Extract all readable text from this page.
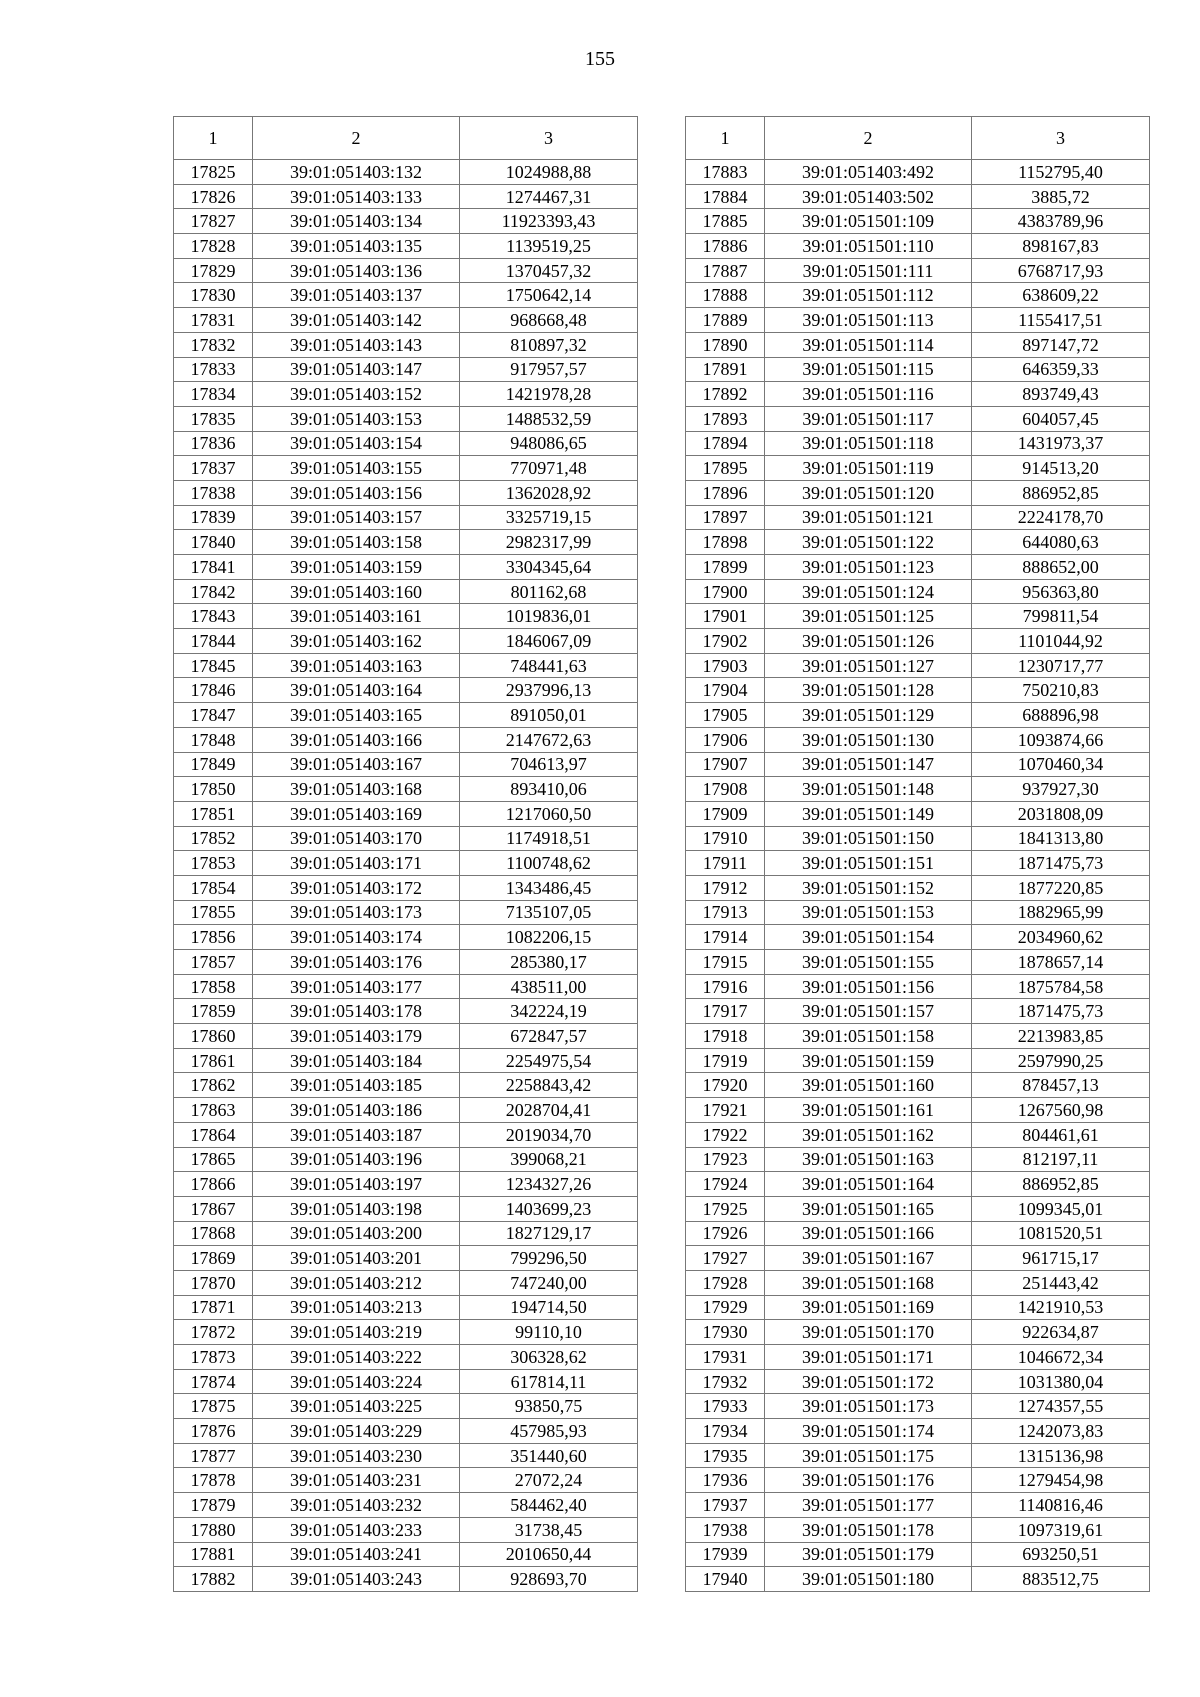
155
1	2	3
17825	39:01:051403:132	1024988,88
17826	39:01:051403:133	1274467,31
17827	39:01:051403:134	11923393,43
17828	39:01:051403:135	1139519,25
17829	39:01:051403:136	1370457,32
17830	39:01:051403:137	1750642,14
17831	39:01:051403:142	968668,48
17832	39:01:051403:143	810897,32
17833	39:01:051403:147	917957,57
17834	39:01:051403:152	1421978,28
17835	39:01:051403:153	1488532,59
17836	39:01:051403:154	948086,65
17837	39:01:051403:155	770971,48
17838	39:01:051403:156	1362028,92
17839	39:01:051403:157	3325719,15
17840	39:01:051403:158	2982317,99
17841	39:01:051403:159	3304345,64
17842	39:01:051403:160	801162,68
17843	39:01:051403:161	1019836,01
17844	39:01:051403:162	1846067,09
17845	39:01:051403:163	748441,63
17846	39:01:051403:164	2937996,13
17847	39:01:051403:165	891050,01
17848	39:01:051403:166	2147672,63
17849	39:01:051403:167	704613,97
17850	39:01:051403:168	893410,06
17851	39:01:051403:169	1217060,50
17852	39:01:051403:170	1174918,51
17853	39:01:051403:171	1100748,62
17854	39:01:051403:172	1343486,45
17855	39:01:051403:173	7135107,05
17856	39:01:051403:174	1082206,15
17857	39:01:051403:176	285380,17
17858	39:01:051403:177	438511,00
17859	39:01:051403:178	342224,19
17860	39:01:051403:179	672847,57
17861	39:01:051403:184	2254975,54
17862	39:01:051403:185	2258843,42
17863	39:01:051403:186	2028704,41
17864	39:01:051403:187	2019034,70
17865	39:01:051403:196	399068,21
17866	39:01:051403:197	1234327,26
17867	39:01:051403:198	1403699,23
17868	39:01:051403:200	1827129,17
17869	39:01:051403:201	799296,50
17870	39:01:051403:212	747240,00
17871	39:01:051403:213	194714,50
17872	39:01:051403:219	99110,10
17873	39:01:051403:222	306328,62
17874	39:01:051403:224	617814,11
17875	39:01:051403:225	93850,75
17876	39:01:051403:229	457985,93
17877	39:01:051403:230	351440,60
17878	39:01:051403:231	27072,24
17879	39:01:051403:232	584462,40
17880	39:01:051403:233	31738,45
17881	39:01:051403:241	2010650,44
17882	39:01:051403:243	928693,70
1	2	3
17883	39:01:051403:492	1152795,40
17884	39:01:051403:502	3885,72
17885	39:01:051501:109	4383789,96
17886	39:01:051501:110	898167,83
17887	39:01:051501:111	6768717,93
17888	39:01:051501:112	638609,22
17889	39:01:051501:113	1155417,51
17890	39:01:051501:114	897147,72
17891	39:01:051501:115	646359,33
17892	39:01:051501:116	893749,43
17893	39:01:051501:117	604057,45
17894	39:01:051501:118	1431973,37
17895	39:01:051501:119	914513,20
17896	39:01:051501:120	886952,85
17897	39:01:051501:121	2224178,70
17898	39:01:051501:122	644080,63
17899	39:01:051501:123	888652,00
17900	39:01:051501:124	956363,80
17901	39:01:051501:125	799811,54
17902	39:01:051501:126	1101044,92
17903	39:01:051501:127	1230717,77
17904	39:01:051501:128	750210,83
17905	39:01:051501:129	688896,98
17906	39:01:051501:130	1093874,66
17907	39:01:051501:147	1070460,34
17908	39:01:051501:148	937927,30
17909	39:01:051501:149	2031808,09
17910	39:01:051501:150	1841313,80
17911	39:01:051501:151	1871475,73
17912	39:01:051501:152	1877220,85
17913	39:01:051501:153	1882965,99
17914	39:01:051501:154	2034960,62
17915	39:01:051501:155	1878657,14
17916	39:01:051501:156	1875784,58
17917	39:01:051501:157	1871475,73
17918	39:01:051501:158	2213983,85
17919	39:01:051501:159	2597990,25
17920	39:01:051501:160	878457,13
17921	39:01:051501:161	1267560,98
17922	39:01:051501:162	804461,61
17923	39:01:051501:163	812197,11
17924	39:01:051501:164	886952,85
17925	39:01:051501:165	1099345,01
17926	39:01:051501:166	1081520,51
17927	39:01:051501:167	961715,17
17928	39:01:051501:168	251443,42
17929	39:01:051501:169	1421910,53
17930	39:01:051501:170	922634,87
17931	39:01:051501:171	1046672,34
17932	39:01:051501:172	1031380,04
17933	39:01:051501:173	1274357,55
17934	39:01:051501:174	1242073,83
17935	39:01:051501:175	1315136,98
17936	39:01:051501:176	1279454,98
17937	39:01:051501:177	1140816,46
17938	39:01:051501:178	1097319,61
17939	39:01:051501:179	693250,51
17940	39:01:051501:180	883512,75
